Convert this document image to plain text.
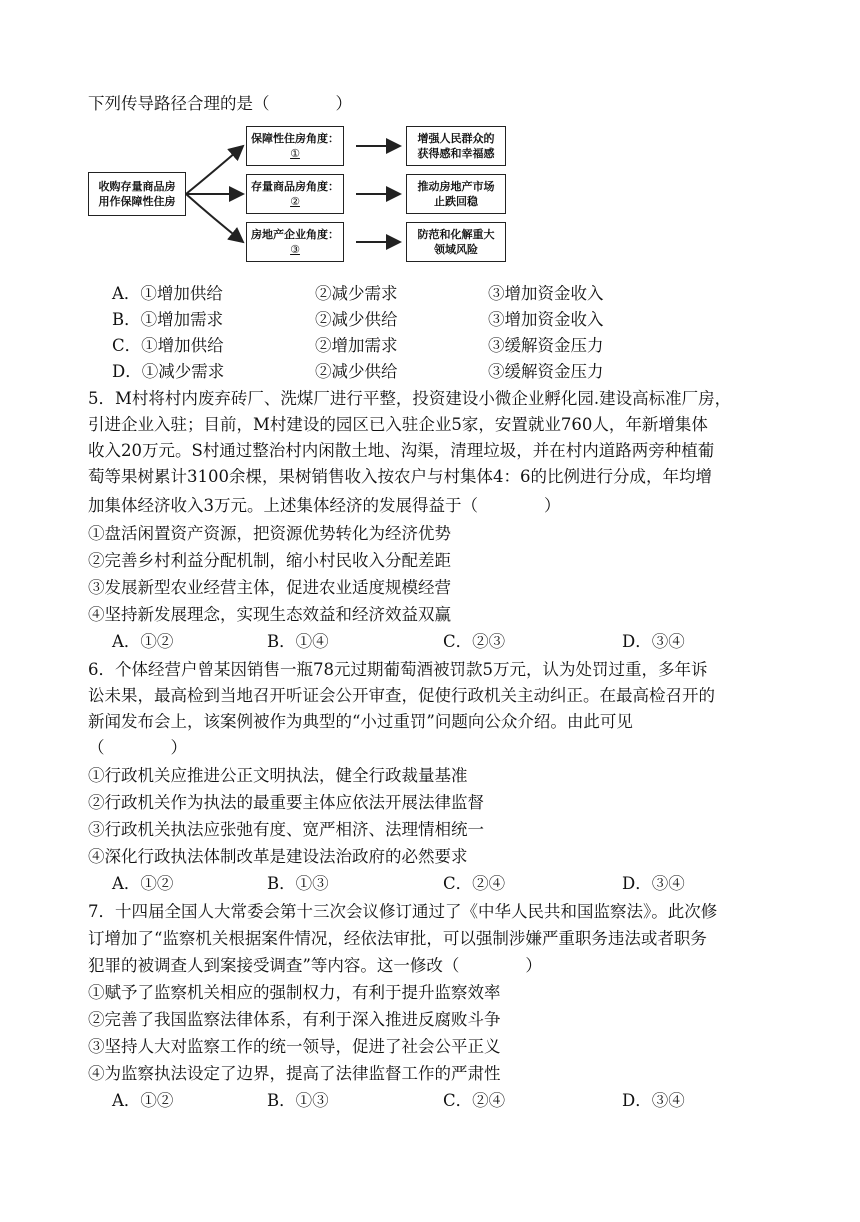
下列传导路径合理的是（　　　　）
收购存量商品房
用作保障性住房
保障性住房角度：
①
存量商品房角度：
②
房地产企业角度：
③
增强人民群众的
获得感和幸福感
推动房地产市场
止跌回稳
防范和化解重大
领域风险
A．①增加供给	②减少需求	③增加资金收入
B．①增加需求	②减少供给	③增加资金收入
C．①增加供给	②增加需求	③缓解资金压力
D．①减少需求	②减少供给	③缓解资金压力
5．M村将村内废弃砖厂、洗煤厂进行平整，投资建设小微企业孵化园.建设高标准厂房，
引进企业入驻；目前，M村建设的园区已入驻企业5家，安置就业760人，年新增集体
收入20万元。S村通过整治村内闲散土地、沟渠，清理垃圾，并在村内道路两旁种植葡
萄等果树累计3100余棵，果树销售收入按农户与村集体4：6的比例进行分成，年均增
加集体经济收入3万元。上述集体经济的发展得益于（　　　　）
①盘活闲置资产资源，把资源优势转化为经济优势
②完善乡村利益分配机制，缩小村民收入分配差距
③发展新型农业经营主体，促进农业适度规模经营
④坚持新发展理念，实现生态效益和经济效益双赢
A．①②	B．①④	C．②③	D．③④
6．个体经营户曾某因销售一瓶78元过期葡萄酒被罚款5万元，认为处罚过重，多年诉
讼未果，最高检到当地召开听证会公开审查，促使行政机关主动纠正。在最高检召开的
新闻发布会上，该案例被作为典型的“小过重罚”问题向公众介绍。由此可见
（　　　　）
①行政机关应推进公正文明执法，健全行政裁量基准
②行政机关作为执法的最重要主体应依法开展法律监督
③行政机关执法应张弛有度、宽严相济、法理情相统一
④深化行政执法体制改革是建设法治政府的必然要求
A．①②	B．①③	C．②④	D．③④
7．十四届全国人大常委会第十三次会议修订通过了《中华人民共和国监察法》。此次修
订增加了“监察机关根据案件情况，经依法审批，可以强制涉嫌严重职务违法或者职务
犯罪的被调查人到案接受调查”等内容。这一修改（　　　　）
①赋予了监察机关相应的强制权力，有利于提升监察效率
②完善了我国监察法律体系，有利于深入推进反腐败斗争
③坚持人大对监察工作的统一领导，促进了社会公平正义
④为监察执法设定了边界，提高了法律监督工作的严肃性
A．①②	B．①③	C．②④	D．③④
